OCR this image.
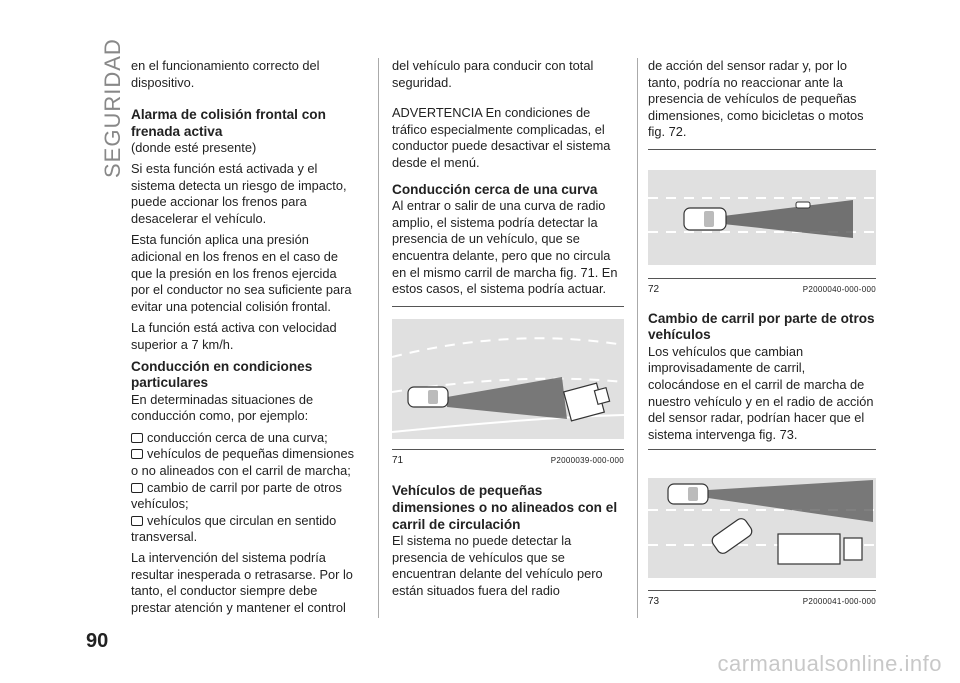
SEGURIDAD
90

en el funcionamiento correcto del dispositivo.

Alarma de colisión frontal con frenada activa

(donde esté presente)

Si esta función está activada y el sistema detecta un riesgo de impacto, puede accionar los frenos para desacelerar el vehículo.

Esta función aplica una presión adicional en los frenos en el caso de que la presión en los frenos ejercida por el conductor no sea suficiente para evitar una potencial colisión frontal.

La función está activa con velocidad superior a 7 km/h.

Conducción en condiciones particulares

En determinadas situaciones de conducción como, por ejemplo:

conducción cerca de una curva;
vehículos de pequeñas dimensiones o no alineados con el carril de marcha;
cambio de carril por parte de otros vehículos;
vehículos que circulan en sentido transversal.

La intervención del sistema podría resultar inesperada o retrasarse. Por lo tanto, el conductor siempre debe prestar atención y mantener el control

del vehículo para conducir con total seguridad.

ADVERTENCIA En condiciones de tráfico especialmente complicadas, el conductor puede desactivar el sistema desde el menú.

Conducción cerca de una curva

Al entrar o salir de una curva de radio amplio, el sistema podría detectar la presencia de un vehículo, que se encuentra delante, pero que no circula en el mismo carril de marcha fig. 71. En estos casos, el sistema podría actuar.

71	P2000039-000-000
Vehículos de pequeñas dimensiones o no alineados con el carril de circulación

El sistema no puede detectar la presencia de vehículos que se encuentran delante del vehículo pero están situados fuera del radio

de acción del sensor radar y, por lo tanto, podría no reaccionar ante la presencia de vehículos de pequeñas dimensiones, como bicicletas o motos fig. 72.

72	P2000040-000-000
Cambio de carril por parte de otros vehículos

Los vehículos que cambian improvisadamente de carril, colocándose en el carril de marcha de nuestro vehículo y en el radio de acción del sensor radar, podrían hacer que el sistema intervenga fig. 73.

73	P2000041-000-000
carmanualsonline.info
